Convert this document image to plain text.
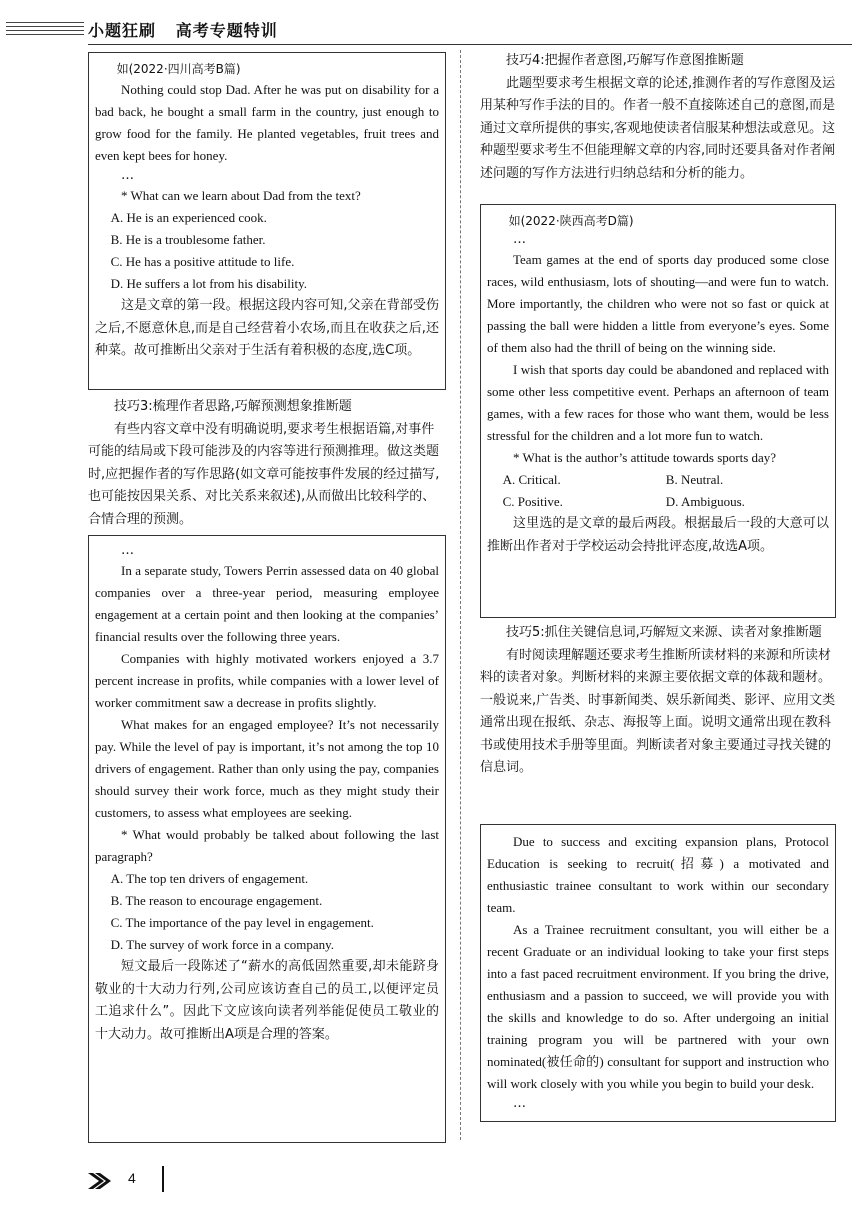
小题狂刷   高考专题特训

如(2022·四川高考B篇)

Nothing could stop Dad. After he was put on disability for a bad back, he bought a small farm in the country, just enough to grow food for the family. He planted vegetables, fruit trees and even kept bees for honey.

…

* What can we learn about Dad from the text?

A. He is an experienced cook.

B. He is a troublesome father.

C. He has a positive attitude to life.

D. He suffers a lot from his disability.

这是文章的第一段。根据这段内容可知,父亲在背部受伤之后,不愿意休息,而是自己经营着小农场,而且在收获之后,还种菜。故可推断出父亲对于生活有着积极的态度,选C项。

技巧3:梳理作者思路,巧解预测想象推断题

有些内容文章中没有明确说明,要求考生根据语篇,对事件可能的结局或下段可能涉及的内容等进行预测推理。做这类题时,应把握作者的写作思路(如文章可能按事件发展的经过描写,也可能按因果关系、对比关系来叙述),从而做出比较科学的、合情合理的预测。

…

In a separate study, Towers Perrin assessed data on 40 global companies over a three-year period, measuring employee engagement at a certain point and then looking at the companies’ financial results over the following three years.

Companies with highly motivated workers enjoyed a 3.7 percent increase in profits, while companies with a lower level of worker commitment saw a decrease in profits slightly.

What makes for an engaged employee? It’s not necessarily pay. While the level of pay is important, it’s not among the top 10 drivers of engagement. Rather than only using the pay, companies should survey their work force, much as they might study their customers, to assess what employees are seeking.

* What would probably be talked about following the last paragraph?

A. The top ten drivers of engagement.

B. The reason to encourage engagement.

C. The importance of the pay level in engagement.

D. The survey of work force in a company.

短文最后一段陈述了“薪水的高低固然重要,却未能跻身敬业的十大动力行列,公司应该访查自己的员工,以便评定员工追求什么”。因此下文应该向读者列举能促使员工敬业的十大动力。故可推断出A项是合理的答案。

技巧4:把握作者意图,巧解写作意图推断题

此题型要求考生根据文章的论述,推测作者的写作意图及运用某种写作手法的目的。作者一般不直接陈述自己的意图,而是通过文章所提供的事实,客观地使读者信服某种想法或意见。这种题型要求考生不但能理解文章的内容,同时还要具备对作者阐述问题的写作方法进行归纳总结和分析的能力。

如(2022·陕西高考D篇)

…

Team games at the end of sports day produced some close races, wild enthusiasm, lots of shouting—and were fun to watch. More importantly, the children who were not so fast or quick at passing the ball were hidden a little from everyone’s eyes. Some of them also had the thrill of being on the winning side.

I wish that sports day could be abandoned and replaced with some other less competitive event. Perhaps an afternoon of team games, with a few races for those who want them, would be less stressful for the children and a lot more fun to watch.

* What is the author’s attitude towards sports day?

A. Critical.	B. Neutral.
C. Positive.	D. Ambiguous.

这里选的是文章的最后两段。根据最后一段的大意可以推断出作者对于学校运动会持批评态度,故选A项。

技巧5:抓住关键信息词,巧解短文来源、读者对象推断题

有时阅读理解题还要求考生推断所读材料的来源和所读材料的读者对象。判断材料的来源主要依据文章的体裁和题材。一般说来,广告类、时事新闻类、娱乐新闻类、影评、应用文类通常出现在报纸、杂志、海报等上面。说明文通常出现在教科书或使用技术手册等里面。判断读者对象主要通过寻找关键的信息词。

Due to success and exciting expansion plans, Protocol Education is seeking to recruit(招募) a motivated and enthusiastic trainee consultant to work within our secondary team.

As a Trainee recruitment consultant, you will either be a recent Graduate or an individual looking to take your first steps into a fast paced recruitment environment. If you bring the drive, enthusiasm and a passion to succeed, we will provide you with the skills and knowledge to do so. After undergoing an initial training program you will be partnered with your own nominated(被任命的) consultant for support and instruction who will work closely with you while you begin to build your desk.

…

4
